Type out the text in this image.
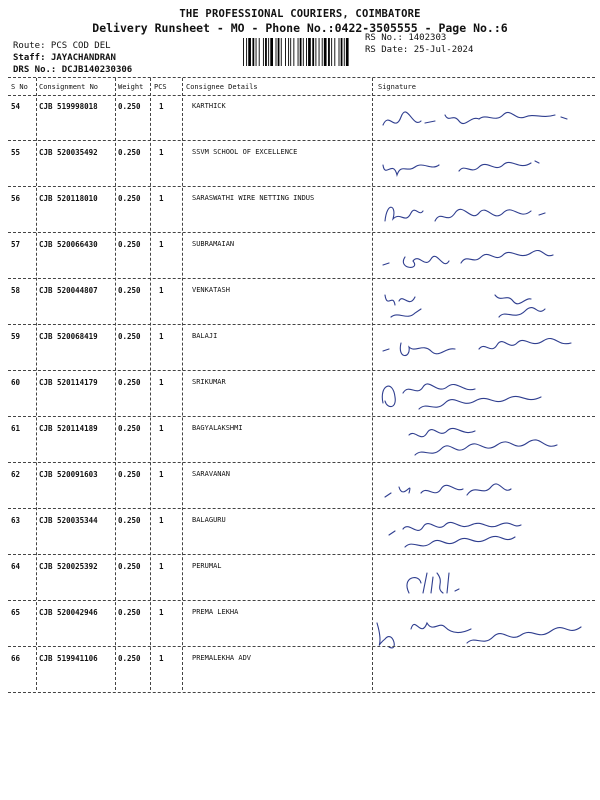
THE PROFESSIONAL COURIERS, COIMBATORE
Delivery Runsheet - MO - Phone No.:0422-3505555 - Page No.:6
Route: PCS COD DEL
Staff: JAYACHANDRAN
DRS No.: DCJB140230306
RS No.: 1402303
RS Date: 25-Jul-2024
S No Consignment No	Weight PCS	Consignee Details	Signature
54	CJB 519998018	0.250 1	KARTHICK
55	CJB 520035492	0.250 1	SSVM SCHOOL OF EXCELLENCE
56	CJB 520118010	0.250 1	SARASWATHI WIRE NETTING INDUS
57	CJB 520066430	0.250 1	SUBRAMAIAN
58	CJB 520044807	0.250 1	VENKATASH
59	CJB 520068419	0.250 1	BALAJI
60	CJB 520114179	0.250 1	SRIKUMAR
61	CJB 520114189	0.250 1	BAGYALAKSHMI
62	CJB 520091603	0.250 1	SARAVANAN
63	CJB 520035344	0.250 1	BALAGURU
64	CJB 520025392	0.250 1	PERUMAL
65	CJB 520042946	0.250 1	PREMA LEKHA
66	CJB 519941106	0.250 1	PREMALEKHA ADV
